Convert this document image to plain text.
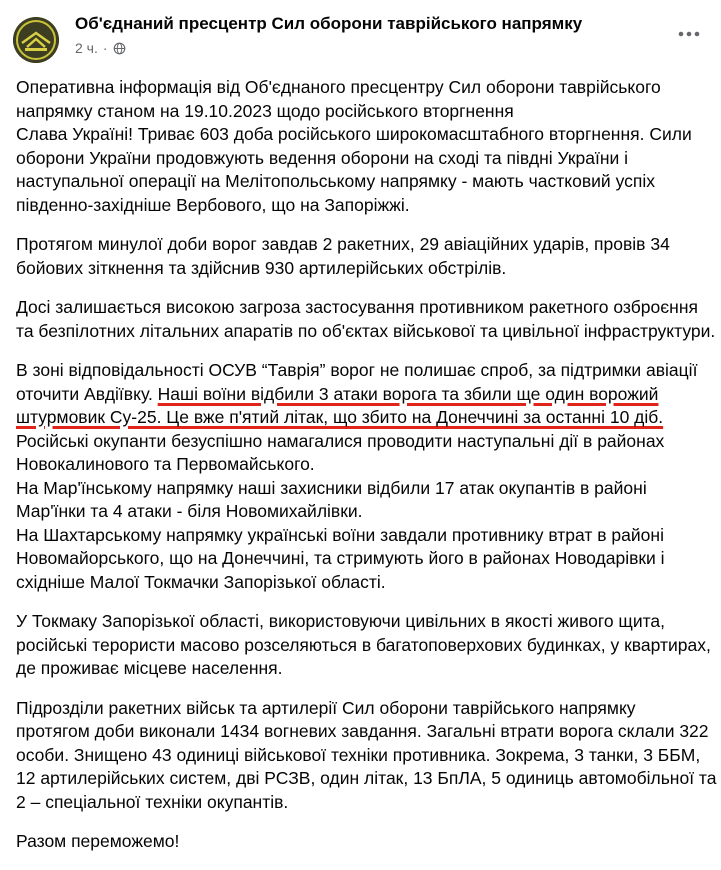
Об'єднаний пресцентр Сил оборони таврійського напрямку
2 ч. ·

Оперативна інформація від Об'єднаного пресцентру Сил оборони таврійського
напрямку станом на 19.10.2023 щодо російського вторгнення
Слава Україні! Триває 603 доба російського широкомасштабного вторгнення. Сили
оборони України продовжують ведення оборони на сході та півдні України і
наступальної операції на Мелітопольському напрямку - мають частковий успіх
південно-західніше Вербового, що на Запоріжжі.

Протягом минулої доби ворог завдав 2 ракетних, 29 авіаційних ударів, провів 34
бойових зіткнення та здійснив 930 артилерійських обстрілів.

Досі залишається високою загроза застосування противником ракетного озброєння
та безпілотних літальних апаратів по об'єктах військової та цивільної інфраструктури.

В зоні відповідальності ОСУВ “Таврія” ворог не полишає спроб, за підтримки авіації
оточити Авдіївку. Наші воїни відбили 3 атаки ворога та збили ще один ворожий
штурмовик Су-25. Це вже п'ятий літак, що збито на Донеччині за останні 10 діб.
Російські окупанти безуспішно намагалися проводити наступальні дії в районах
Новокалинового та Первомайського.
На Мар'їнському напрямку наші захисники відбили 17 атак окупантів в районі
Мар'їнки та 4 атаки - біля Новомихайлівки.
На Шахтарському напрямку українські воїни завдали противнику втрат в районі
Новомайорського, що на Донеччині, та стримують його в районах Новодарівки і
східніше Малої Токмачки Запорізької області.

У Токмаку Запорізької області, використовуючи цивільних в якості живого щита,
російські терористи масово розселяються в багатоповерхових будинках, у квартирах,
де проживає місцеве населення.

Підрозділи ракетних військ та артилерії Сил оборони таврійського напрямку
протягом доби виконали 1434 вогневих завдання. Загальні втрати ворога склали 322
особи. Знищено 43 одиниці військової техніки противника. Зокрема, 3 танки, 3 ББМ,
12 артилерійських систем, дві РСЗВ, один літак, 13 БпЛА, 5 одиниць автомобільної та
2 – спеціальної техніки окупантів.

Разом переможемо!
